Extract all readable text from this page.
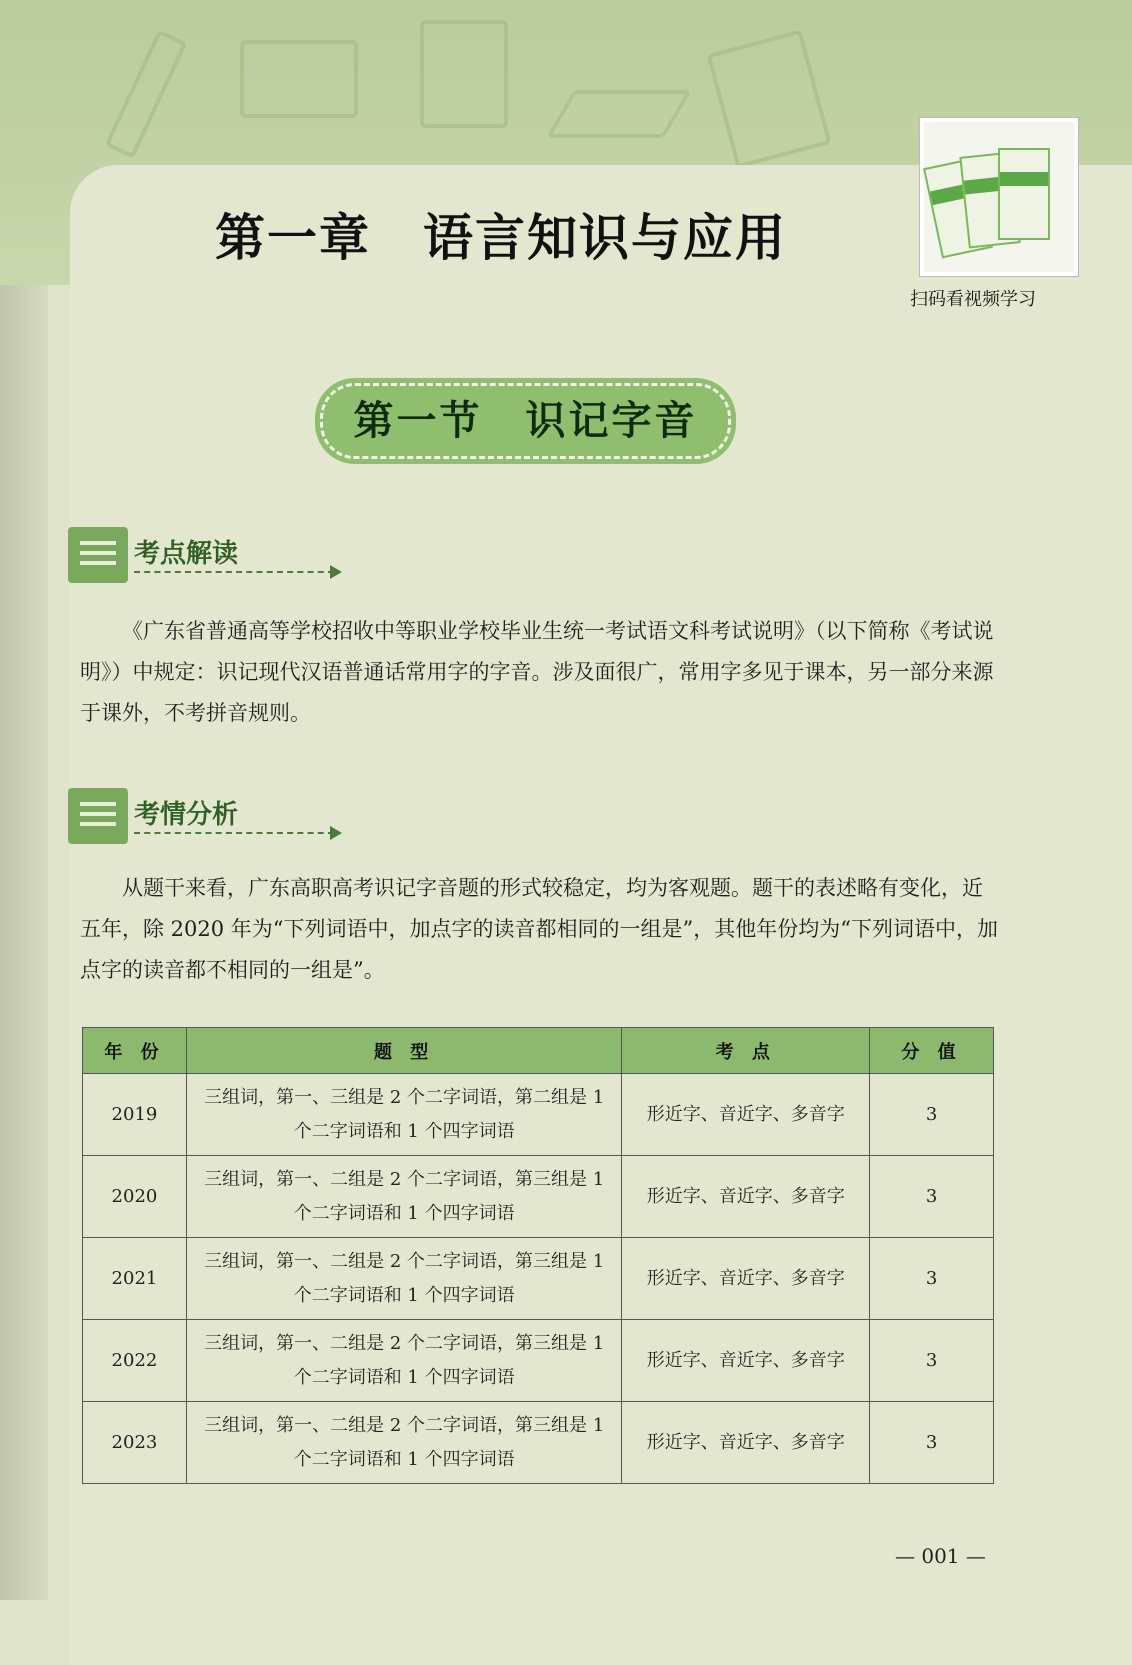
第一章　语言知识与应用
扫码看视频学习
第一节　识记字音
考点解读
《广东省普通高等学校招收中等职业学校毕业生统一考试语文科考试说明》（以下简称《考试说明》）中规定：识记现代汉语普通话常用字的字音。涉及面很广，常用字多见于课本，另一部分来源于课外，不考拼音规则。
考情分析
从题干来看，广东高职高考识记字音题的形式较稳定，均为客观题。题干的表述略有变化，近五年，除 2020 年为“下列词语中，加点字的读音都相同的一组是”，其他年份均为“下列词语中，加点字的读音都不相同的一组是”。
年 份	题 型	考 点	分 值
2019	三组词，第一、三组是 2 个二字词语，第二组是 1 个二字词语和 1 个四字词语	形近字、音近字、多音字	3
2020	三组词，第一、二组是 2 个二字词语，第三组是 1 个二字词语和 1 个四字词语	形近字、音近字、多音字	3
2021	三组词，第一、二组是 2 个二字词语，第三组是 1 个二字词语和 1 个四字词语	形近字、音近字、多音字	3
2022	三组词，第一、二组是 2 个二字词语，第三组是 1 个二字词语和 1 个四字词语	形近字、音近字、多音字	3
2023	三组词，第一、二组是 2 个二字词语，第三组是 1 个二字词语和 1 个四字词语	形近字、音近字、多音字	3
— 001 —
